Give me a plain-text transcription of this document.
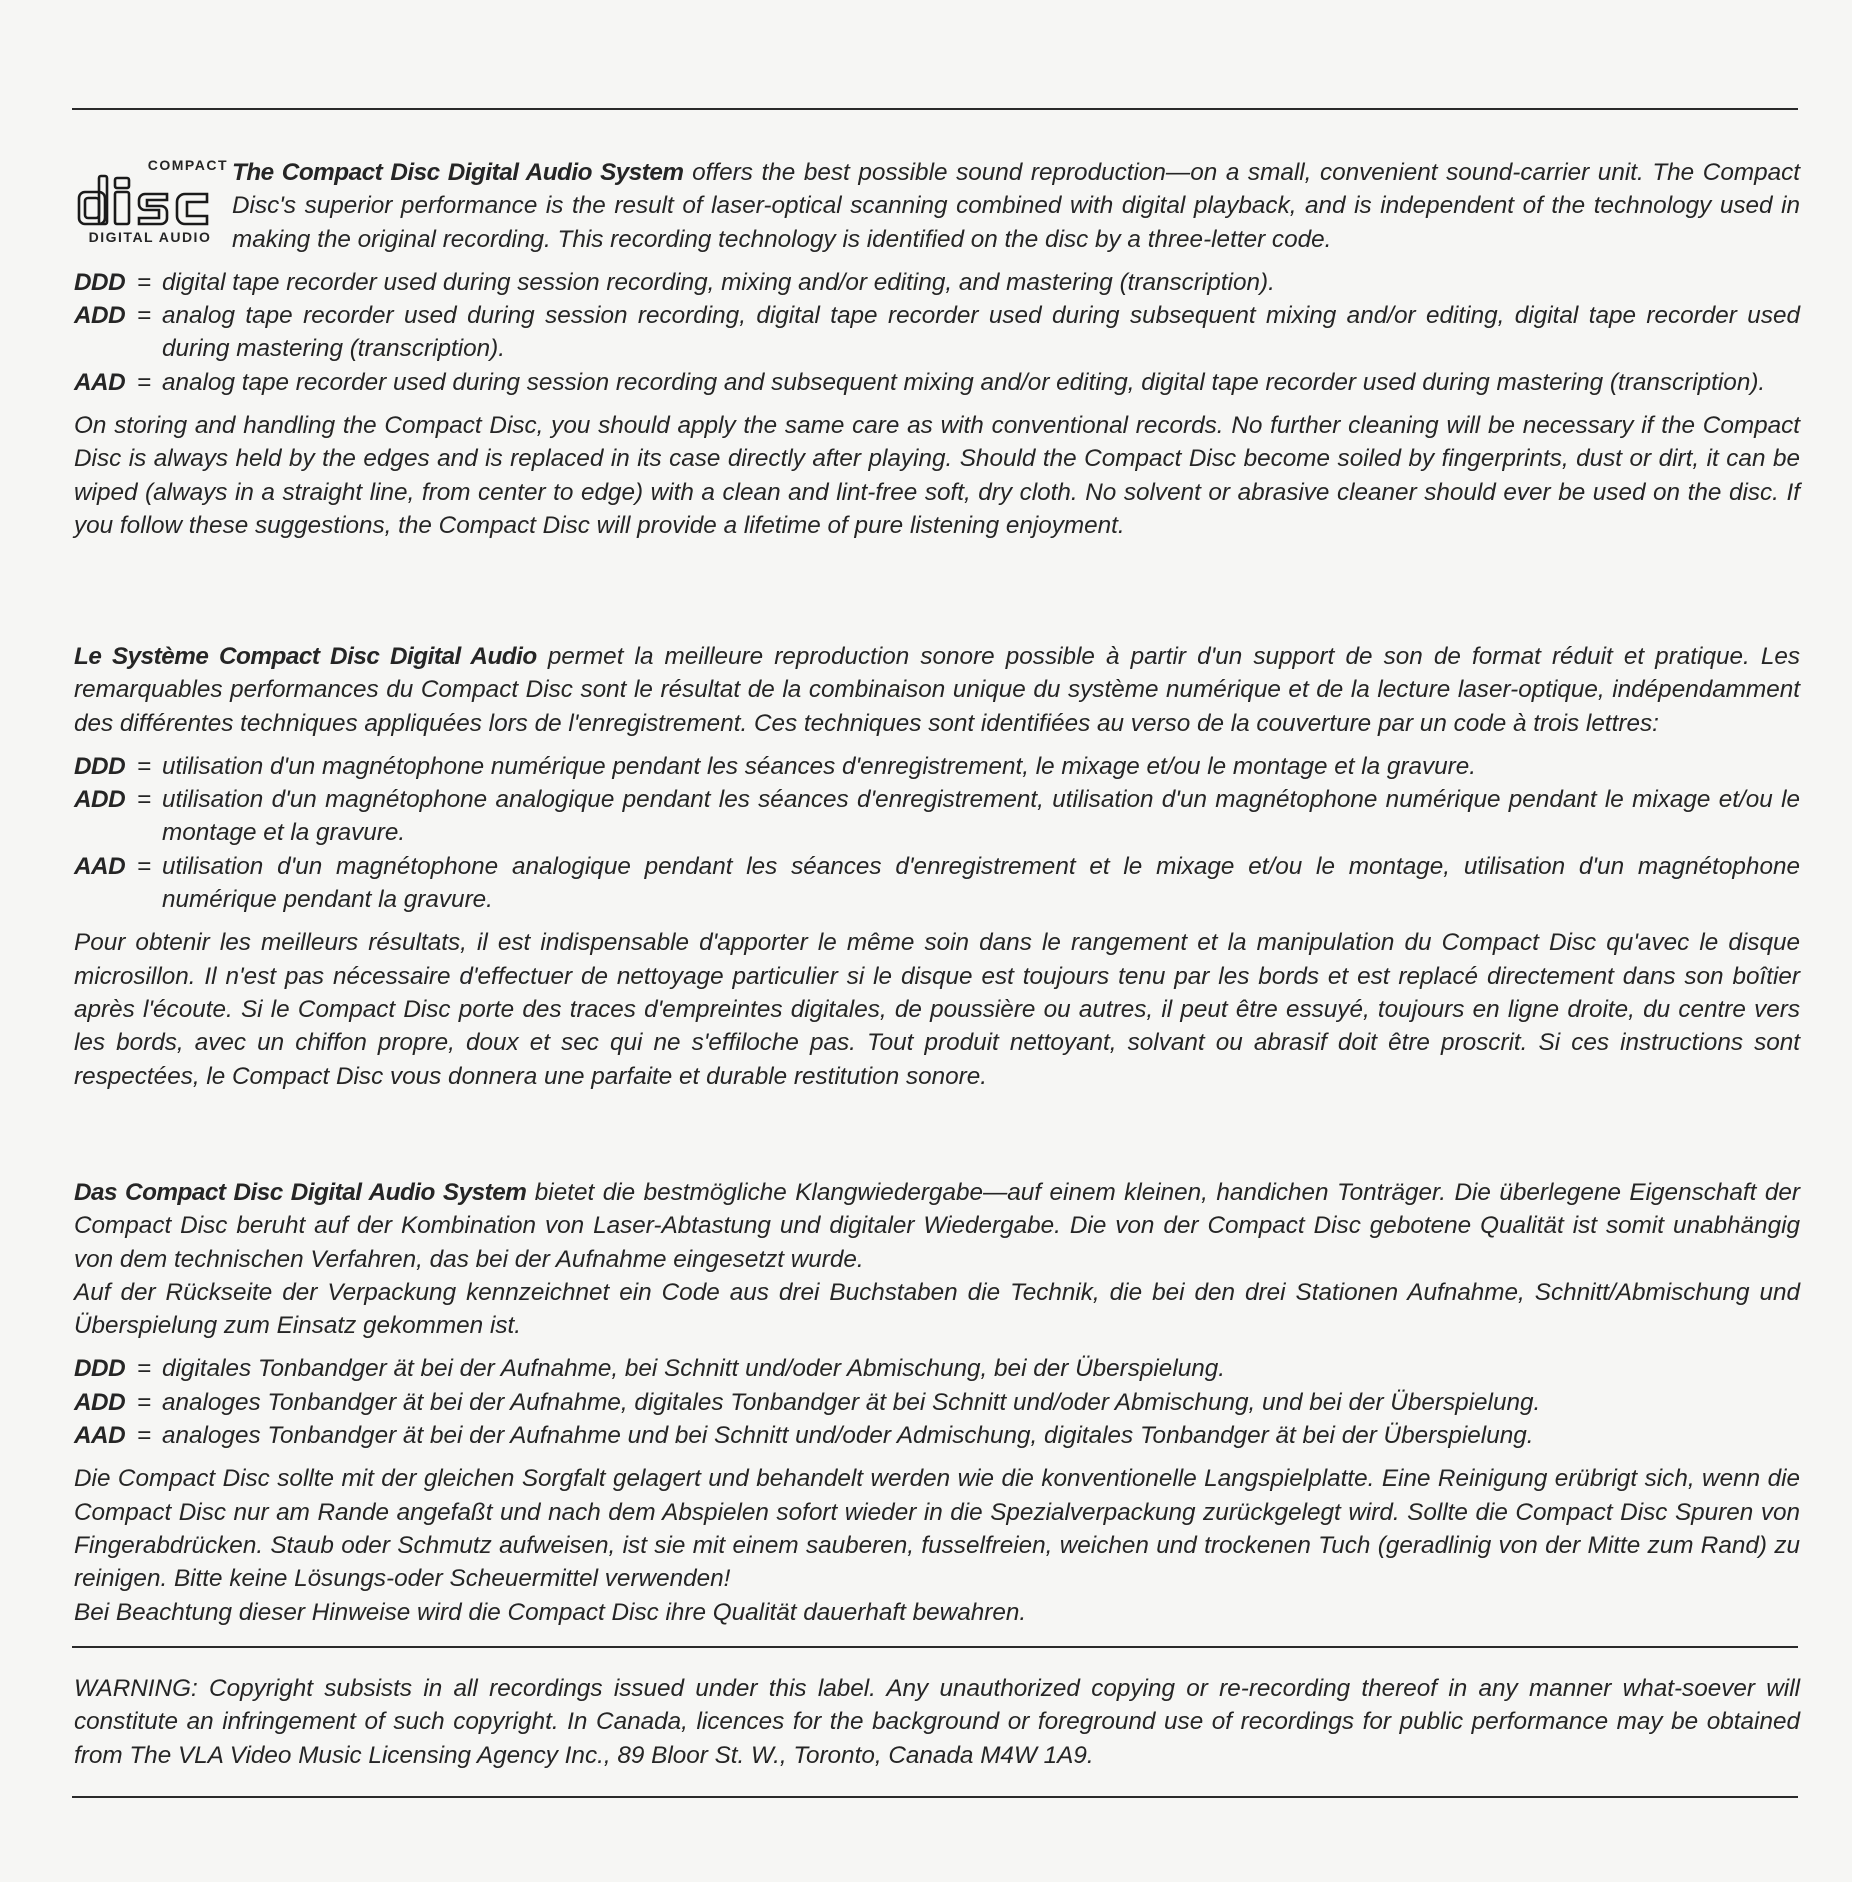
COMPACT
DIGITAL AUDIO

The Compact Disc Digital Audio System offers the best possible sound reproduction—on a small, convenient sound-carrier unit. The Compact Disc's superior performance is the result of laser-optical scanning combined with digital playback, and is independent of the technology used in making the original recording. This recording technology is identified on the disc by a three-letter code.

DDD = digital tape recorder used during session recording, mixing and/or editing, and mastering (transcription).
ADD = analog tape recorder used during session recording, digital tape recorder used during subsequent mixing and/or editing, digital tape recorder used during mastering (transcription).
AAD = analog tape recorder used during session recording and subsequent mixing and/or editing, digital tape recorder used during mastering (transcription).

On storing and handling the Compact Disc, you should apply the same care as with conventional records. No further cleaning will be necessary if the Compact Disc is always held by the edges and is replaced in its case directly after playing. Should the Compact Disc become soiled by fingerprints, dust or dirt, it can be wiped (always in a straight line, from center to edge) with a clean and lint-free soft, dry cloth. No solvent or abrasive cleaner should ever be used on the disc. If you follow these suggestions, the Compact Disc will provide a lifetime of pure listening enjoyment.

Le Système Compact Disc Digital Audio permet la meilleure reproduction sonore possible à partir d'un support de son de format réduit et pratique. Les remarquables performances du Compact Disc sont le résultat de la combinaison unique du système numérique et de la lecture laser-optique, indépendamment des différentes techniques appliquées lors de l'enregistrement. Ces techniques sont identifiées au verso de la couverture par un code à trois lettres:

DDD = utilisation d'un magnétophone numérique pendant les séances d'enregistrement, le mixage et/ou le montage et la gravure.
ADD = utilisation d'un magnétophone analogique pendant les séances d'enregistrement, utilisation d'un magnétophone numérique pendant le mixage et/ou le montage et la gravure.
AAD = utilisation d'un magnétophone analogique pendant les séances d'enregistrement et le mixage et/ou le montage, utilisation d'un magnétophone numérique pendant la gravure.

Pour obtenir les meilleurs résultats, il est indispensable d'apporter le même soin dans le rangement et la manipulation du Compact Disc qu'avec le disque microsillon. Il n'est pas nécessaire d'effectuer de nettoyage particulier si le disque est toujours tenu par les bords et est replacé directement dans son boîtier après l'écoute. Si le Compact Disc porte des traces d'empreintes digitales, de poussière ou autres, il peut être essuyé, toujours en ligne droite, du centre vers les bords, avec un chiffon propre, doux et sec qui ne s'effiloche pas. Tout produit nettoyant, solvant ou abrasif doit être proscrit. Si ces instructions sont respectées, le Compact Disc vous donnera une parfaite et durable restitution sonore.

Das Compact Disc Digital Audio System bietet die bestmögliche Klangwiedergabe—auf einem kleinen, handichen Tonträger. Die überlegene Eigenschaft der Compact Disc beruht auf der Kombination von Laser-Abtastung und digitaler Wiedergabe. Die von der Compact Disc gebotene Qualität ist somit unabhängig von dem technischen Verfahren, das bei der Aufnahme eingesetzt wurde.

Auf der Rückseite der Verpackung kennzeichnet ein Code aus drei Buchstaben die Technik, die bei den drei Stationen Aufnahme, Schnitt/Abmischung und Überspielung zum Einsatz gekommen ist.

DDD = digitales Tonbandger ät bei der Aufnahme, bei Schnitt und/oder Abmischung, bei der Überspielung.
ADD = analoges Tonbandger ät bei der Aufnahme, digitales Tonbandger ät bei Schnitt und/oder Abmischung, und bei der Überspielung.
AAD = analoges Tonbandger ät bei der Aufnahme und bei Schnitt und/oder Admischung, digitales Tonbandger ät bei der Überspielung.

Die Compact Disc sollte mit der gleichen Sorgfalt gelagert und behandelt werden wie die konventionelle Langspielplatte. Eine Reinigung erübrigt sich, wenn die Compact Disc nur am Rande angefaßt und nach dem Abspielen sofort wieder in die Spezialverpackung zurückgelegt wird. Sollte die Compact Disc Spuren von Fingerabdrücken. Staub oder Schmutz aufweisen, ist sie mit einem sauberen, fusselfreien, weichen und trockenen Tuch (geradlinig von der Mitte zum Rand) zu reinigen. Bitte keine Lösungs-oder Scheuermittel verwenden!

Bei Beachtung dieser Hinweise wird die Compact Disc ihre Qualität dauerhaft bewahren.

WARNING: Copyright subsists in all recordings issued under this label. Any unauthorized copying or re-recording thereof in any manner what-soever will constitute an infringement of such copyright. In Canada, licences for the background or foreground use of recordings for public performance may be obtained from The VLA Video Music Licensing Agency Inc., 89 Bloor St. W., Toronto, Canada M4W 1A9.
